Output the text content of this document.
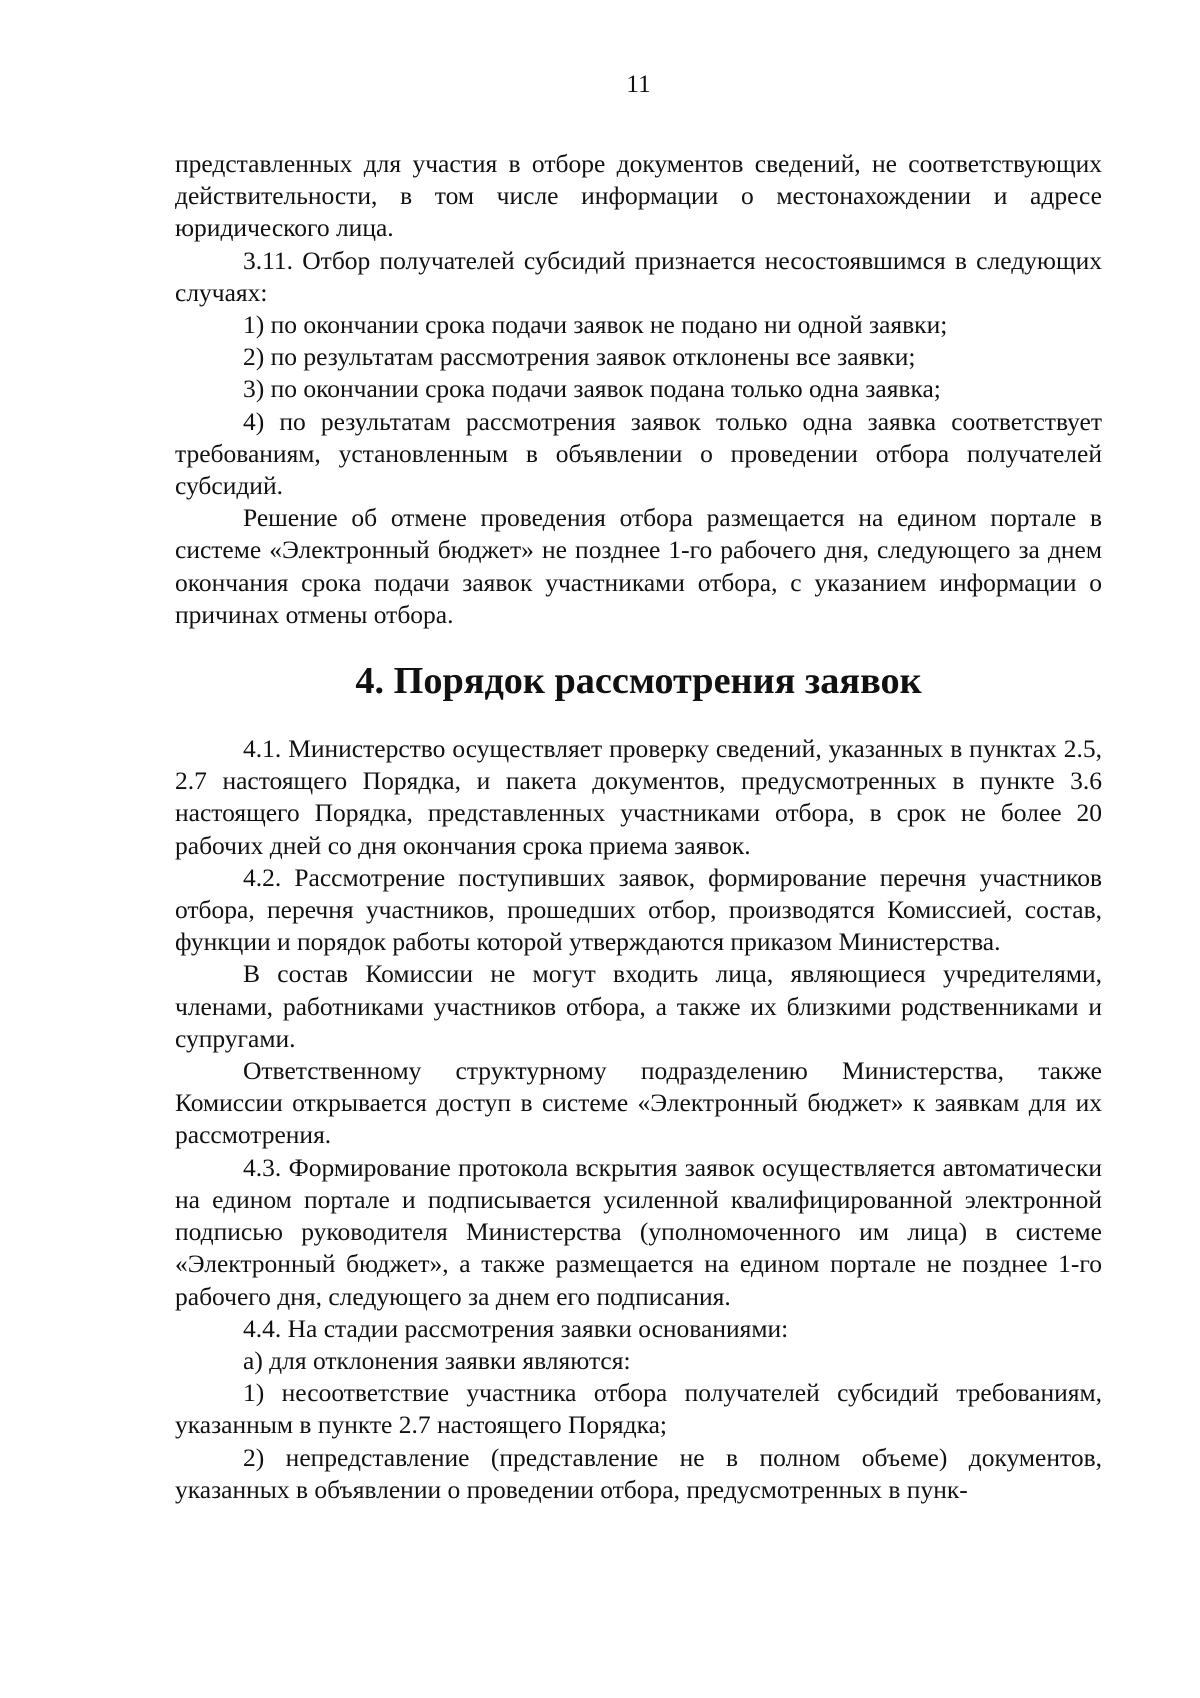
11

представленных для участия в отборе документов сведений, не соответствующих действительности, в том числе информации о местонахождении и адресе юридического лица.

3.11. Отбор получателей субсидий признается несостоявшимся в следующих случаях:

1) по окончании срока подачи заявок не подано ни одной заявки;

2) по результатам рассмотрения заявок отклонены все заявки;

3) по окончании срока подачи заявок подана только одна заявка;

4) по результатам рассмотрения заявок только одна заявка соответствует требованиям, установленным в объявлении о проведении отбора получателей субсидий.

Решение об отмене проведения отбора размещается на едином портале в системе «Электронный бюджет» не позднее 1-го рабочего дня, следующего за днем окончания срока подачи заявок участниками отбора, с указанием информации о причинах отмены отбора.

4. Порядок рассмотрения заявок

4.1. Министерство осуществляет проверку сведений, указанных в пунктах 2.5, 2.7 настоящего Порядка, и пакета документов, предусмотренных в пункте 3.6 настоящего Порядка, представленных участниками отбора, в срок не более 20 рабочих дней со дня окончания срока приема заявок.

4.2. Рассмотрение поступивших заявок, формирование перечня участников отбора, перечня участников, прошедших отбор, производятся Комиссией, состав, функции и порядок работы которой утверждаются приказом Министерства.

В состав Комиссии не могут входить лица, являющиеся учредителями, членами, работниками участников отбора, а также их близкими родственниками и супругами.

Ответственному структурному подразделению Министерства, также Комиссии открывается доступ в системе «Электронный бюджет» к заявкам для их рассмотрения.

4.3. Формирование протокола вскрытия заявок осуществляется автоматически на едином портале и подписывается усиленной квалифицированной электронной подписью руководителя Министерства (уполномоченного им лица) в системе «Электронный бюджет», а также размещается на едином портале не позднее 1-го рабочего дня, следующего за днем его подписания.

4.4. На стадии рассмотрения заявки основаниями:

а) для отклонения заявки являются:

1) несоответствие участника отбора получателей субсидий требованиям, указанным в пункте 2.7 настоящего Порядка;

2) непредставление (представление не в полном объеме) документов, указанных в объявлении о проведении отбора, предусмотренных в пунк-
